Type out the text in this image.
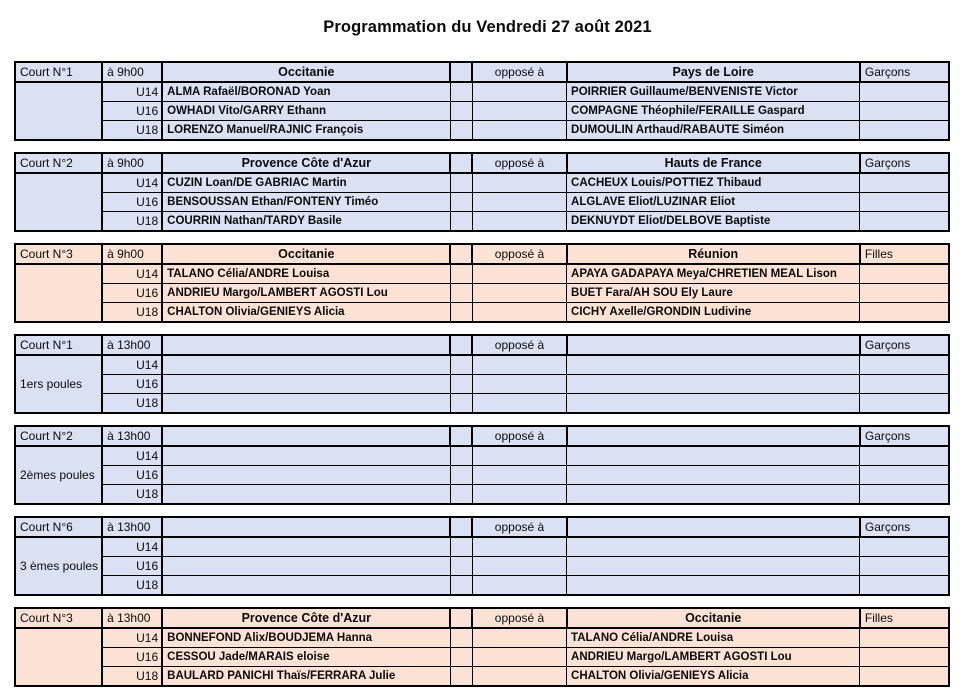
Programmation du Vendredi 27 août 2021
Court N°1	à 9h00	Occitanie		opposé à	Pays de Loire	Garçons
	U14	ALMA Rafaël/BORONAD Yoan			POIRRIER Guillaume/BENVENISTE Victor	
	U16	OWHADI Vito/GARRY Ethann			COMPAGNE Théophile/FERAILLE Gaspard	
	U18	LORENZO Manuel/RAJNIC François			DUMOULIN Arthaud/RABAUTE Siméon	
Court N°2	à 9h00	Provence Côte d'Azur		opposé à	Hauts de France	Garçons
	U14	CUZIN Loan/DE GABRIAC Martin			CACHEUX Louis/POTTIEZ Thibaud	
	U16	BENSOUSSAN Ethan/FONTENY Timéo			ALGLAVE Eliot/LUZINAR Eliot	
	U18	COURRIN Nathan/TARDY Basile			DEKNUYDT Eliot/DELBOVE Baptiste	
Court N°3	à 9h00	Occitanie		opposé à	Réunion	Filles
	U14	TALANO Célia/ANDRE Louisa			APAYA GADAPAYA Meya/CHRETIEN MEAL Lison	
	U16	ANDRIEU Margo/LAMBERT AGOSTI Lou			BUET Fara/AH SOU Ely Laure	
	U18	CHALTON Olivia/GENIEYS Alicia			CICHY Axelle/GRONDIN Ludivine	
Court N°1	à 13h00			opposé à		Garçons
1ers poules	U14					
	U16					
	U18					
Court N°2	à 13h00			opposé à		Garçons
2èmes poules	U14					
	U16					
	U18					
Court N°6	à 13h00			opposé à		Garçons
3 èmes poules	U14					
	U16					
	U18					
Court N°3	à 13h00	Provence Côte d'Azur		opposé à	Occitanie	Filles
	U14	BONNEFOND Alix/BOUDJEMA Hanna			TALANO Célia/ANDRE Louisa	
	U16	CESSOU Jade/MARAIS eloise			ANDRIEU Margo/LAMBERT AGOSTI Lou	
	U18	BAULARD PANICHI Thaïs/FERRARA Julie			CHALTON Olivia/GENIEYS Alicia	
